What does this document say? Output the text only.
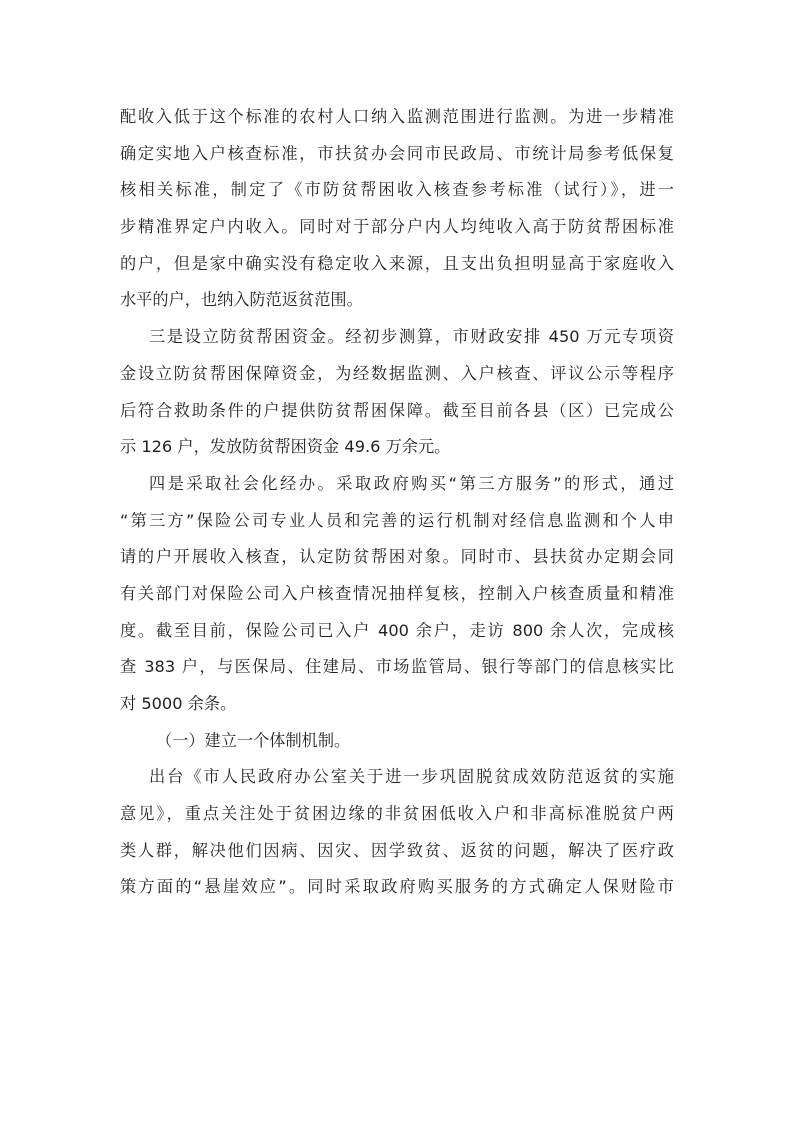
配收入低于这个标准的农村人口纳入监测范围进行监测。为进一步精准
确定实地入户核查标准，市扶贫办会同市民政局、市统计局参考低保复
核相关标准，制定了《市防贫帮困收入核查参考标准（试行）》，进一
步精准界定户内收入。同时对于部分户内人均纯收入高于防贫帮困标准
的户，但是家中确实没有稳定收入来源，且支出负担明显高于家庭收入
水平的户，也纳入防范返贫范围。
三是设立防贫帮困资金。经初步测算，市财政安排 450 万元专项资
金设立防贫帮困保障资金，为经数据监测、入户核查、评议公示等程序
后符合救助条件的户提供防贫帮困保障。截至目前各县（区）已完成公
示 126 户，发放防贫帮困资金 49.6 万余元。
四是采取社会化经办。采取政府购买“第三方服务”的形式，通过
“第三方”保险公司专业人员和完善的运行机制对经信息监测和个人申
请的户开展收入核查，认定防贫帮困对象。同时市、县扶贫办定期会同
有关部门对保险公司入户核查情况抽样复核，控制入户核查质量和精准
度。截至目前，保险公司已入户 400 余户，走访 800 余人次，完成核
查 383 户，与医保局、住建局、市场监管局、银行等部门的信息核实比
对 5000 余条。
（一）建立一个体制机制。
出台《市人民政府办公室关于进一步巩固脱贫成效防范返贫的实施
意见》，重点关注处于贫困边缘的非贫困低收入户和非高标准脱贫户两
类人群，解决他们因病、因灾、因学致贫、返贫的问题，解决了医疗政
策方面的“悬崖效应”。同时采取政府购买服务的方式确定人保财险市
